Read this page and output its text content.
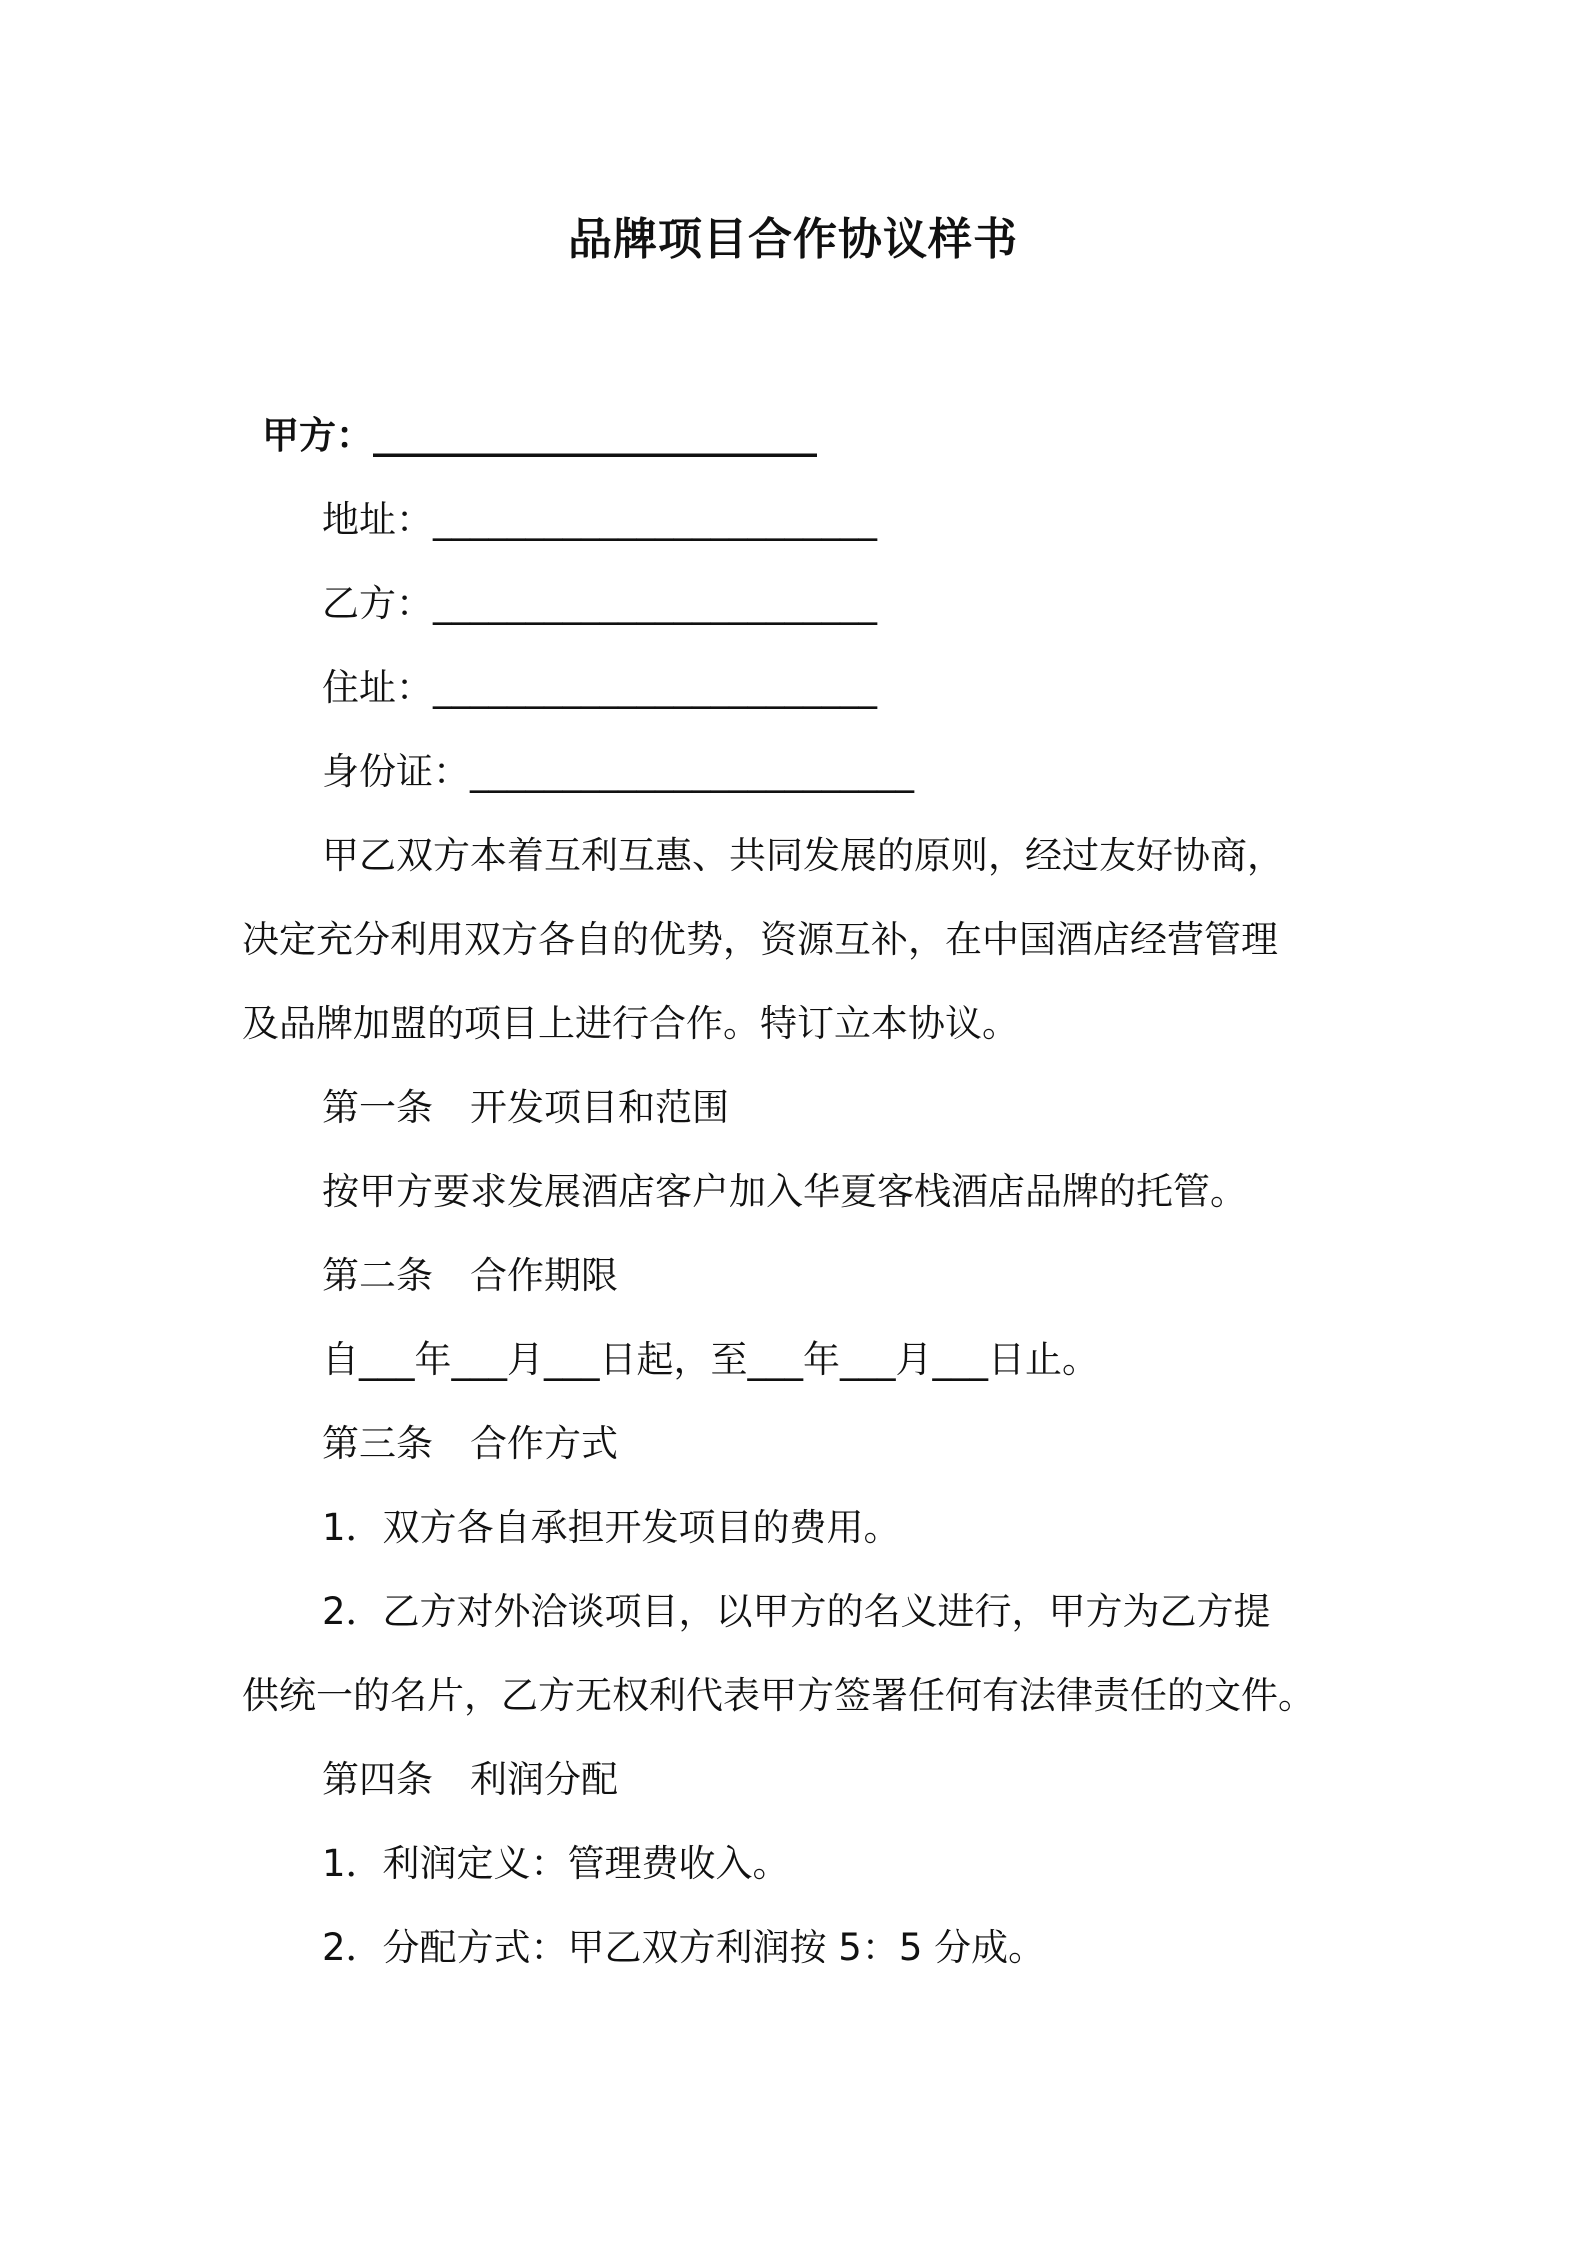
品牌项目合作协议样书
甲方：________________________
地址：________________________
乙方：________________________
住址：________________________
身份证：________________________
甲乙双方本着互利互惠、共同发展的原则，经过友好协商，
决定充分利用双方各自的优势，资源互补，在中国酒店经营管理
及品牌加盟的项目上进行合作。特订立本协议。
第一条　开发项目和范围
按甲方要求发展酒店客户加入华夏客栈酒店品牌的托管。
第二条　合作期限
自___年___月___日起，至___年___月___日止。
第三条　合作方式
1．双方各自承担开发项目的费用。
2．乙方对外洽谈项目，以甲方的名义进行，甲方为乙方提
供统一的名片，乙方无权利代表甲方签署任何有法律责任的文件。
第四条　利润分配
1．利润定义：管理费收入。
2．分配方式：甲乙双方利润按 5：5 分成。
